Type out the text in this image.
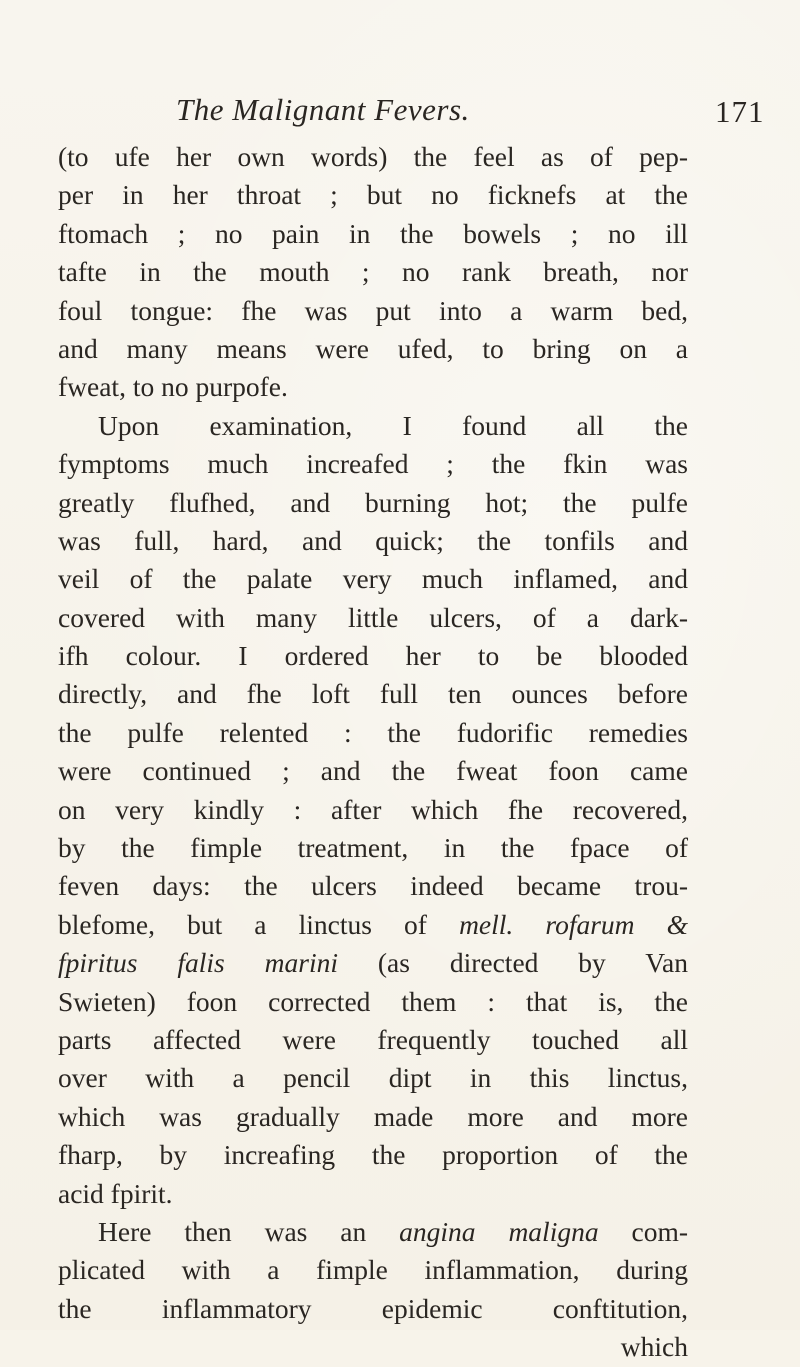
The Malignant Fevers.	171
(to ufe her own words) the feel as of pep-
per in her throat ; but no ficknefs at the
ftomach ; no pain in the bowels ; no ill
tafte in the mouth ; no rank breath, nor
foul tongue: fhe was put into a warm bed,
and many means were ufed, to bring on a
fweat, to no purpofe.
Upon examination, I found all the
fymptoms much increafed ; the fkin was
greatly flufhed, and burning hot; the pulfe
was full, hard, and quick; the tonfils and
veil of the palate very much inflamed, and
covered with many little ulcers, of a dark-
ifh colour. I ordered her to be blooded
directly, and fhe loft full ten ounces before
the pulfe relented : the fudorific remedies
were continued ; and the fweat foon came
on very kindly : after which fhe recovered,
by the fimple treatment, in the fpace of
feven days: the ulcers indeed became trou-
blefome, but a linctus of mell. rofarum &
fpiritus falis marini (as directed by Van
Swieten) foon corrected them : that is, the
parts affected were frequently touched all
over with a pencil dipt in this linctus,
which was gradually made more and more
fharp, by increafing the proportion of the
acid fpirit.
Here then was an angina maligna com-
plicated with a fimple inflammation, during
the inflammatory epidemic conftitution,
which
